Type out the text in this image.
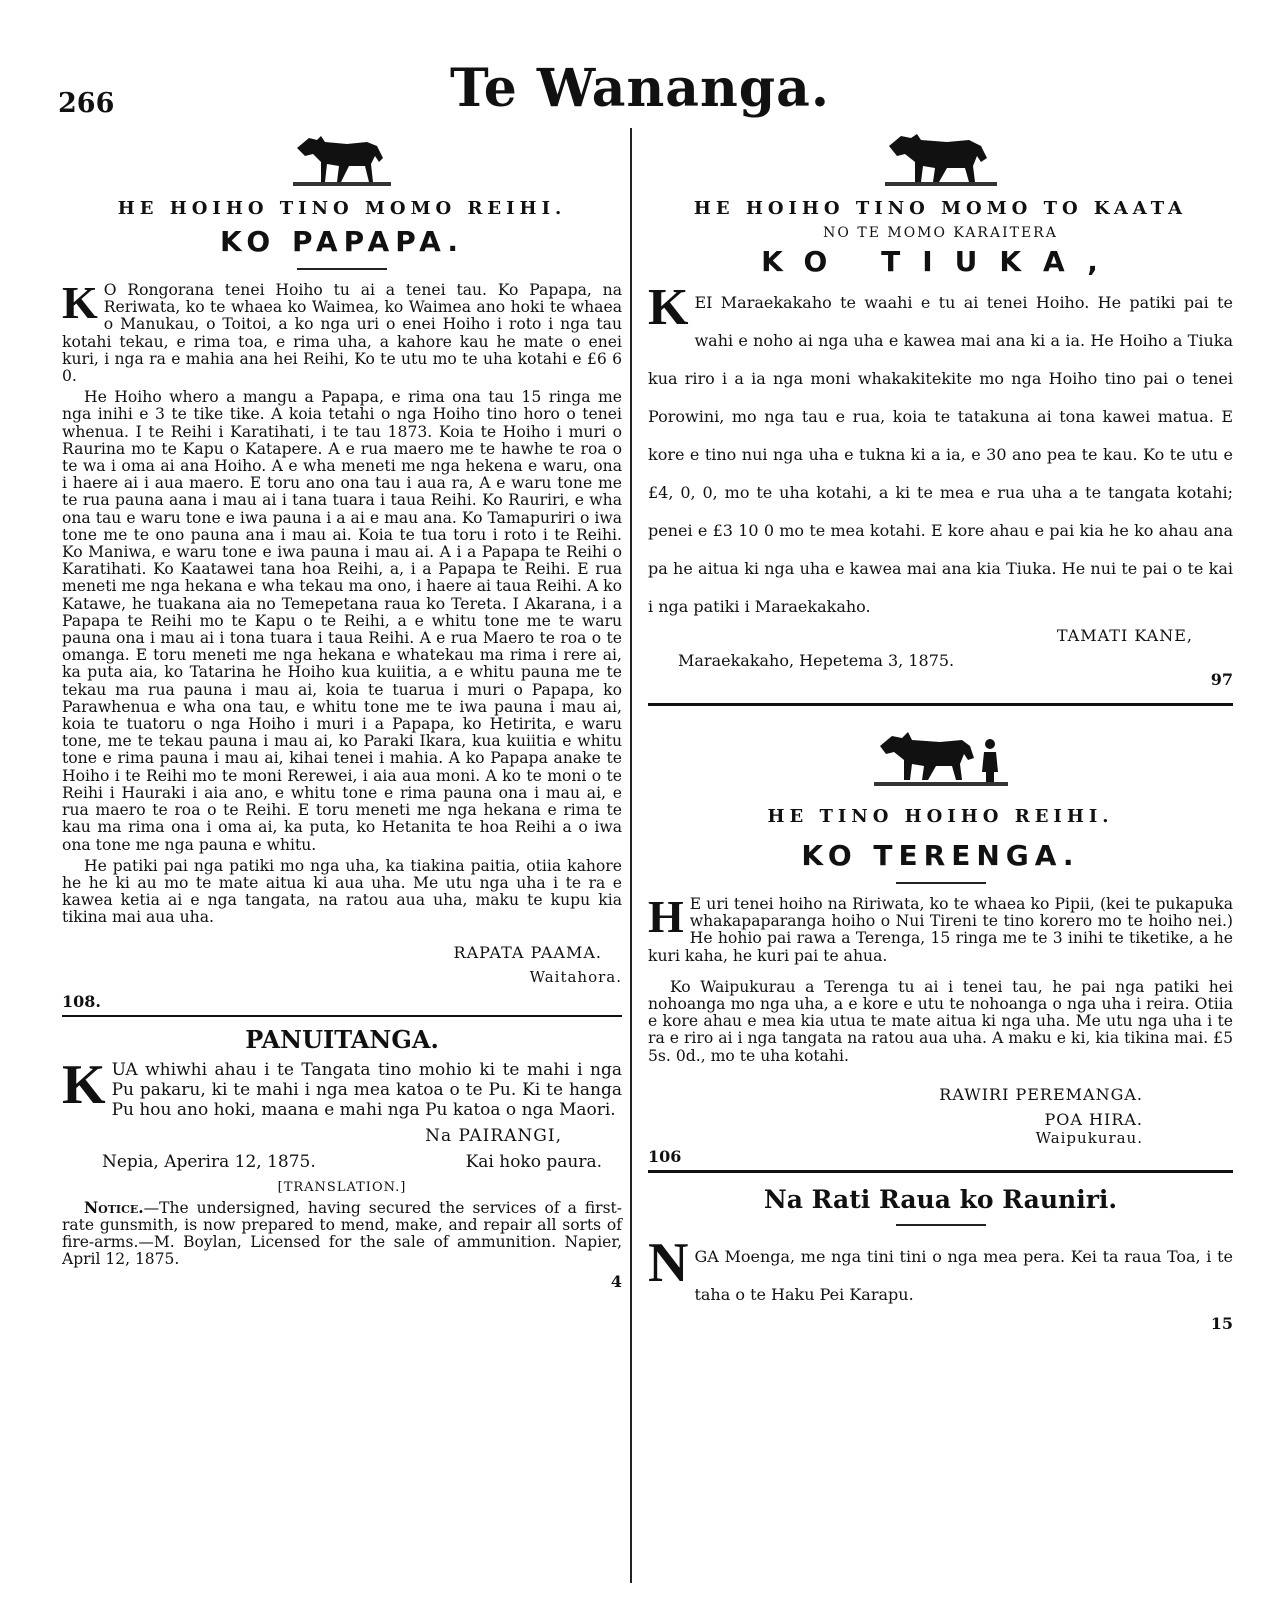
266	Te Wananga.
HE HOIHO TINO MOMO REIHI.
KO PAPAPA.

K O Rongorana tenei Hoiho tu ai a tenei tau. Ko Papapa, na Reriwata, ko te whaea ko Waimea, ko Waimea ano hoki te whaea o Manukau, o Toitoi, a ko nga uri o enei Hoiho i roto i nga tau kotahi tekau, e rima toa, e rima uha, a kahore kau he mate o enei kuri, i nga ra e mahia ana hei Reihi, Ko te utu mo te uha kotahi e £6 6 0.

He Hoiho whero a mangu a Papapa, e rima ona tau 15 ringa me nga inihi e 3 te tike tike. A koia tetahi o nga Hoiho tino horo o tenei whenua. I te Reihi i Karatihati, i te tau 1873. Koia te Hoiho i muri o Raurina mo te Kapu o Katapere. A e rua maero me te hawhe te roa o te wa i oma ai ana Hoiho. A e wha meneti me nga hekena e waru, ona i haere ai i aua maero. E toru ano ona tau i aua ra, A e waru tone me te rua pauna aana i mau ai i tana tuara i taua Reihi. Ko Rauriri, e wha ona tau e waru tone e iwa pauna i a ai e mau ana. Ko Tamapuriri o iwa tone me te ono pauna ana i mau ai. Koia te tua toru i roto i te Reihi. Ko Maniwa, e waru tone e iwa pauna i mau ai. A i a Papapa te Reihi o Karatihati. Ko Kaatawei tana hoa Reihi, a, i a Papapa te Reihi. E rua meneti me nga hekana e wha tekau ma ono, i haere ai taua Reihi. A ko Katawe, he tuakana aia no Temepetana raua ko Tereta. I Akarana, i a Papapa te Reihi mo te Kapu o te Reihi, a e whitu tone me te waru pauna ona i mau ai i tona tuara i taua Reihi. A e rua Maero te roa o te omanga. E toru meneti me nga hekana e whatekau ma rima i rere ai, ka puta aia, ko Tatarina he Hoiho kua kuiitia, a e whitu pauna me te tekau ma rua pauna i mau ai, koia te tuarua i muri o Papapa, ko Parawhenua e wha ona tau, e whitu tone me te iwa pauna i mau ai, koia te tuatoru o nga Hoiho i muri i a Papapa, ko Hetirita, e waru tone, me te tekau pauna i mau ai, ko Paraki Ikara, kua kuiitia e whitu tone e rima pauna i mau ai, kihai tenei i mahia. A ko Papapa anake te Hoiho i te Reihi mo te moni Rerewei, i aia aua moni. A ko te moni o te Reihi i Hauraki i aia ano, e whitu tone e rima pauna ona i mau ai, e rua maero te roa o te Reihi. E toru meneti me nga hekana e rima te kau ma rima ona i oma ai, ka puta, ko Hetanita te hoa Reihi a o iwa ona tone me nga pauna e whitu.

He patiki pai nga patiki mo nga uha, ka tiakina paitia, otiia kahore he he ki au mo te mate aitua ki aua uha. Me utu nga uha i te ra e kawea ketia ai e nga tangata, na ratou aua uha, maku te kupu kia tikina mai aua uha.

RAPATA PAAMA.
Waitahora.
108.
PANUITANGA.
KUA whiwhi ahau i te Tangata tino mohio ki te mahi i nga Pu pakaru, ki te mahi i nga mea katoa o te Pu. Ki te hanga Pu hou ano hoki, maana e mahi nga Pu katoa o nga Maori.
Na PAIRANGI,
Nepia, Aperira 12, 1875.	Kai hoko paura.
[TRANSLATION.]
Notice.—The undersigned, having secured the services of a first-rate gunsmith, is now prepared to mend, make, and repair all sorts of fire-arms.—M. Boylan, Licensed for the sale of ammunition. Napier, April 12, 1875.
4
HE HOIHO TINO MOMO TO KAATA
NO TE MOMO KARAITERA
KO TIUKA,
KEI Maraekakaho te waahi e tu ai tenei Hoiho. He patiki pai te wahi e noho ai nga uha e kawea mai ana ki a ia. He Hoiho a Tiuka kua riro i a ia nga moni whakakitekite mo nga Hoiho tino pai o tenei Porowini, mo nga tau e rua, koia te tatakuna ai tona kawei matua. E kore e tino nui nga uha e tukna ki a ia, e 30 ano pea te kau. Ko te utu e £4, 0, 0, mo te uha kotahi, a ki te mea e rua uha a te tangata kotahi; penei e £3 10 0 mo te mea kotahi. E kore ahau e pai kia he ko ahau ana pa he aitua ki nga uha e kawea mai ana kia Tiuka. He nui te pai o te kai i nga patiki i Maraekakaho.
TAMATI KANE,
Maraekakaho, Hepetema 3, 1875.
97
HE TINO HOIHO REIHI.
KO TERENGA.

H E uri tenei hoiho na Ririwata, ko te whaea ko Pipii, (kei te pukapuka whakapaparanga hoiho o Nui Tireni te tino korero mo te hoiho nei.) He hohio pai rawa a Terenga, 15 ringa me te 3 inihi te tiketike, a he kuri kaha, he kuri pai te ahua.

Ko Waipukurau a Terenga tu ai i tenei tau, he pai nga patiki hei nohoanga mo nga uha, a e kore e utu te nohoanga o nga uha i reira. Otiia e kore ahau e mea kia utua te mate aitua ki nga uha. Me utu nga uha i te ra e riro ai i nga tangata na ratou aua uha. A maku e ki, kia tikina mai. £5 5s. 0d., mo te uha kotahi.

RAWIRI PEREMANGA.
POA HIRA.
Waipukurau.
106
Na Rati Raua ko Rauniri.
NGA Moenga, me nga tini tini o nga mea pera. Kei ta raua Toa, i te taha o te Haku Pei Karapu.
15
